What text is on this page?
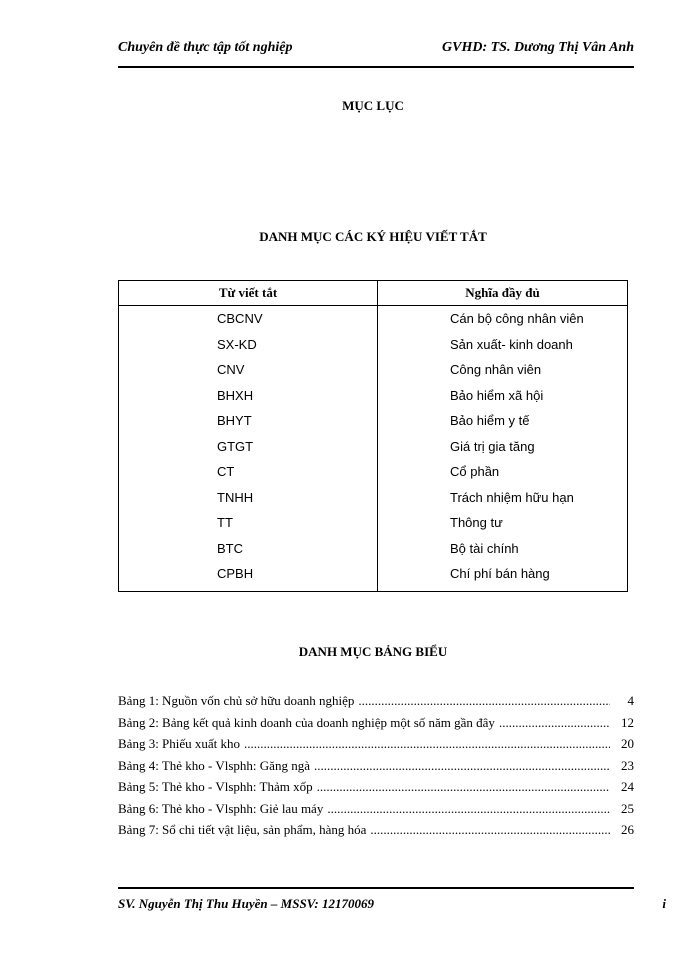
Chuyên đề thực tập tốt nghiệp	GVHD: TS. Dương Thị Vân Anh
MỤC LỤC
DANH MỤC CÁC KÝ HIỆU VIẾT TẮT
Từ viết tắt	Nghĩa đầy đủ
CBCNV	Cán bộ công nhân viên
SX-KD	Sản xuất- kinh doanh
CNV	Công nhân viên
BHXH	Bảo hiểm xã hội
BHYT	Bảo hiểm y tế
GTGT	Giá trị gia tăng
CT	Cổ phần
TNHH	Trách nhiệm hữu hạn
TT	Thông tư
BTC	Bộ tài chính
CPBH	Chí phí bán hàng
DANH MỤC BẢNG BIỂU
Bảng 1: Nguồn vốn chủ sở hữu doanh nghiệp .....	4
Bảng 2: Bảng kết quả kinh doanh của doanh nghiệp một số năm gần đây .....	12
Bảng 3: Phiếu xuất kho .....	20
Bảng 4: Thẻ kho - Vlsphh: Găng ngà .....	23
Bảng 5: Thẻ kho - Vlsphh: Thảm xốp .....	24
Bảng 6: Thẻ kho - Vlsphh: Giẻ lau máy .....	25
Bảng 7: Sổ chi tiết vật liệu, sản phẩm, hàng hóa .....	26
SV. Nguyễn Thị Thu Huyền – MSSV: 12170069	i
